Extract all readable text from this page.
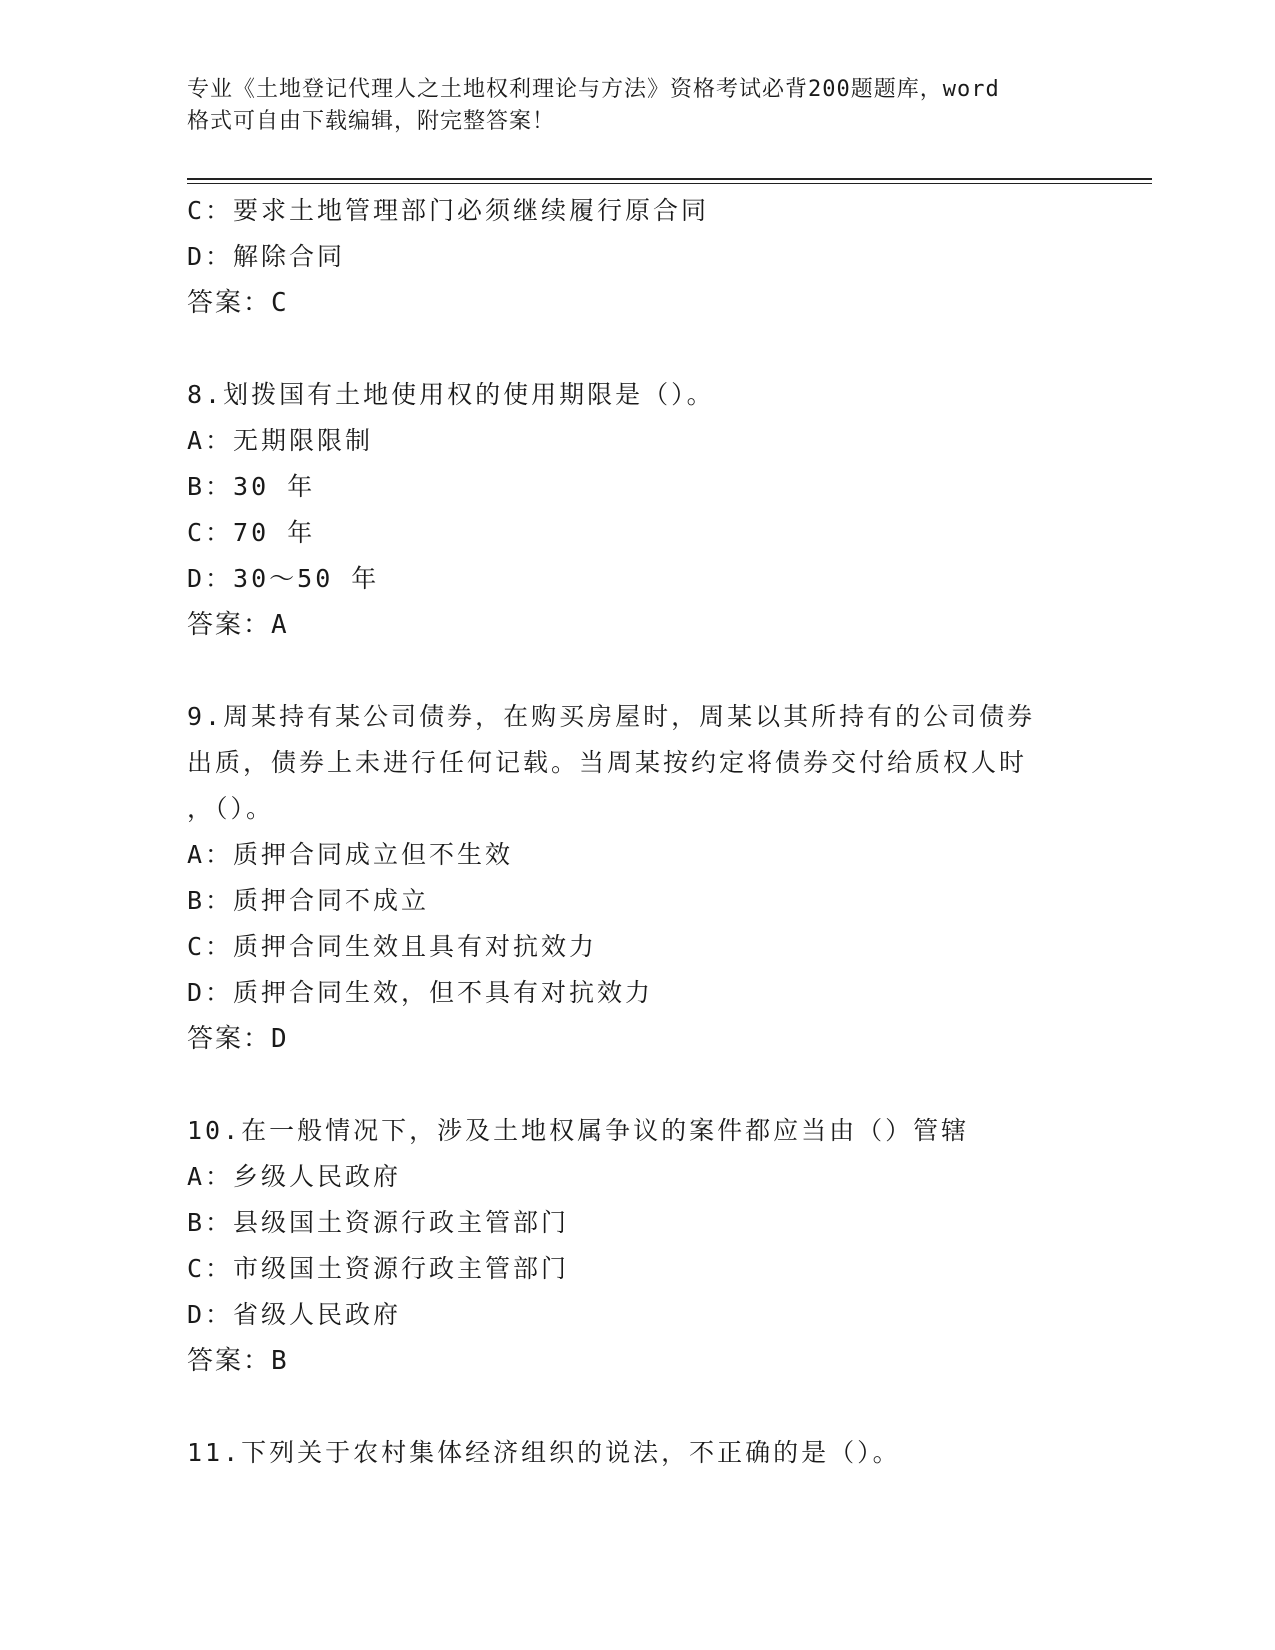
专业《土地登记代理人之土地权利理论与方法》资格考试必背200题题库，word
格式可自由下载编辑，附完整答案！
C：要求土地管理部门必须继续履行原合同
D：解除合同
答案：C
8.划拨国有土地使用权的使用期限是（）。
A：无期限限制
B：30 年
C：70 年
D：30～50 年
答案：A
9.周某持有某公司债券，在购买房屋时，周某以其所持有的公司债券
出质，债券上未进行任何记载。当周某按约定将债券交付给质权人时
，（）。
A：质押合同成立但不生效
B：质押合同不成立
C：质押合同生效且具有对抗效力
D：质押合同生效，但不具有对抗效力
答案：D
10.在一般情况下，涉及土地权属争议的案件都应当由（）管辖
A：乡级人民政府
B：县级国土资源行政主管部门
C：市级国土资源行政主管部门
D：省级人民政府
答案：B
11.下列关于农村集体经济组织的说法，不正确的是（）。
